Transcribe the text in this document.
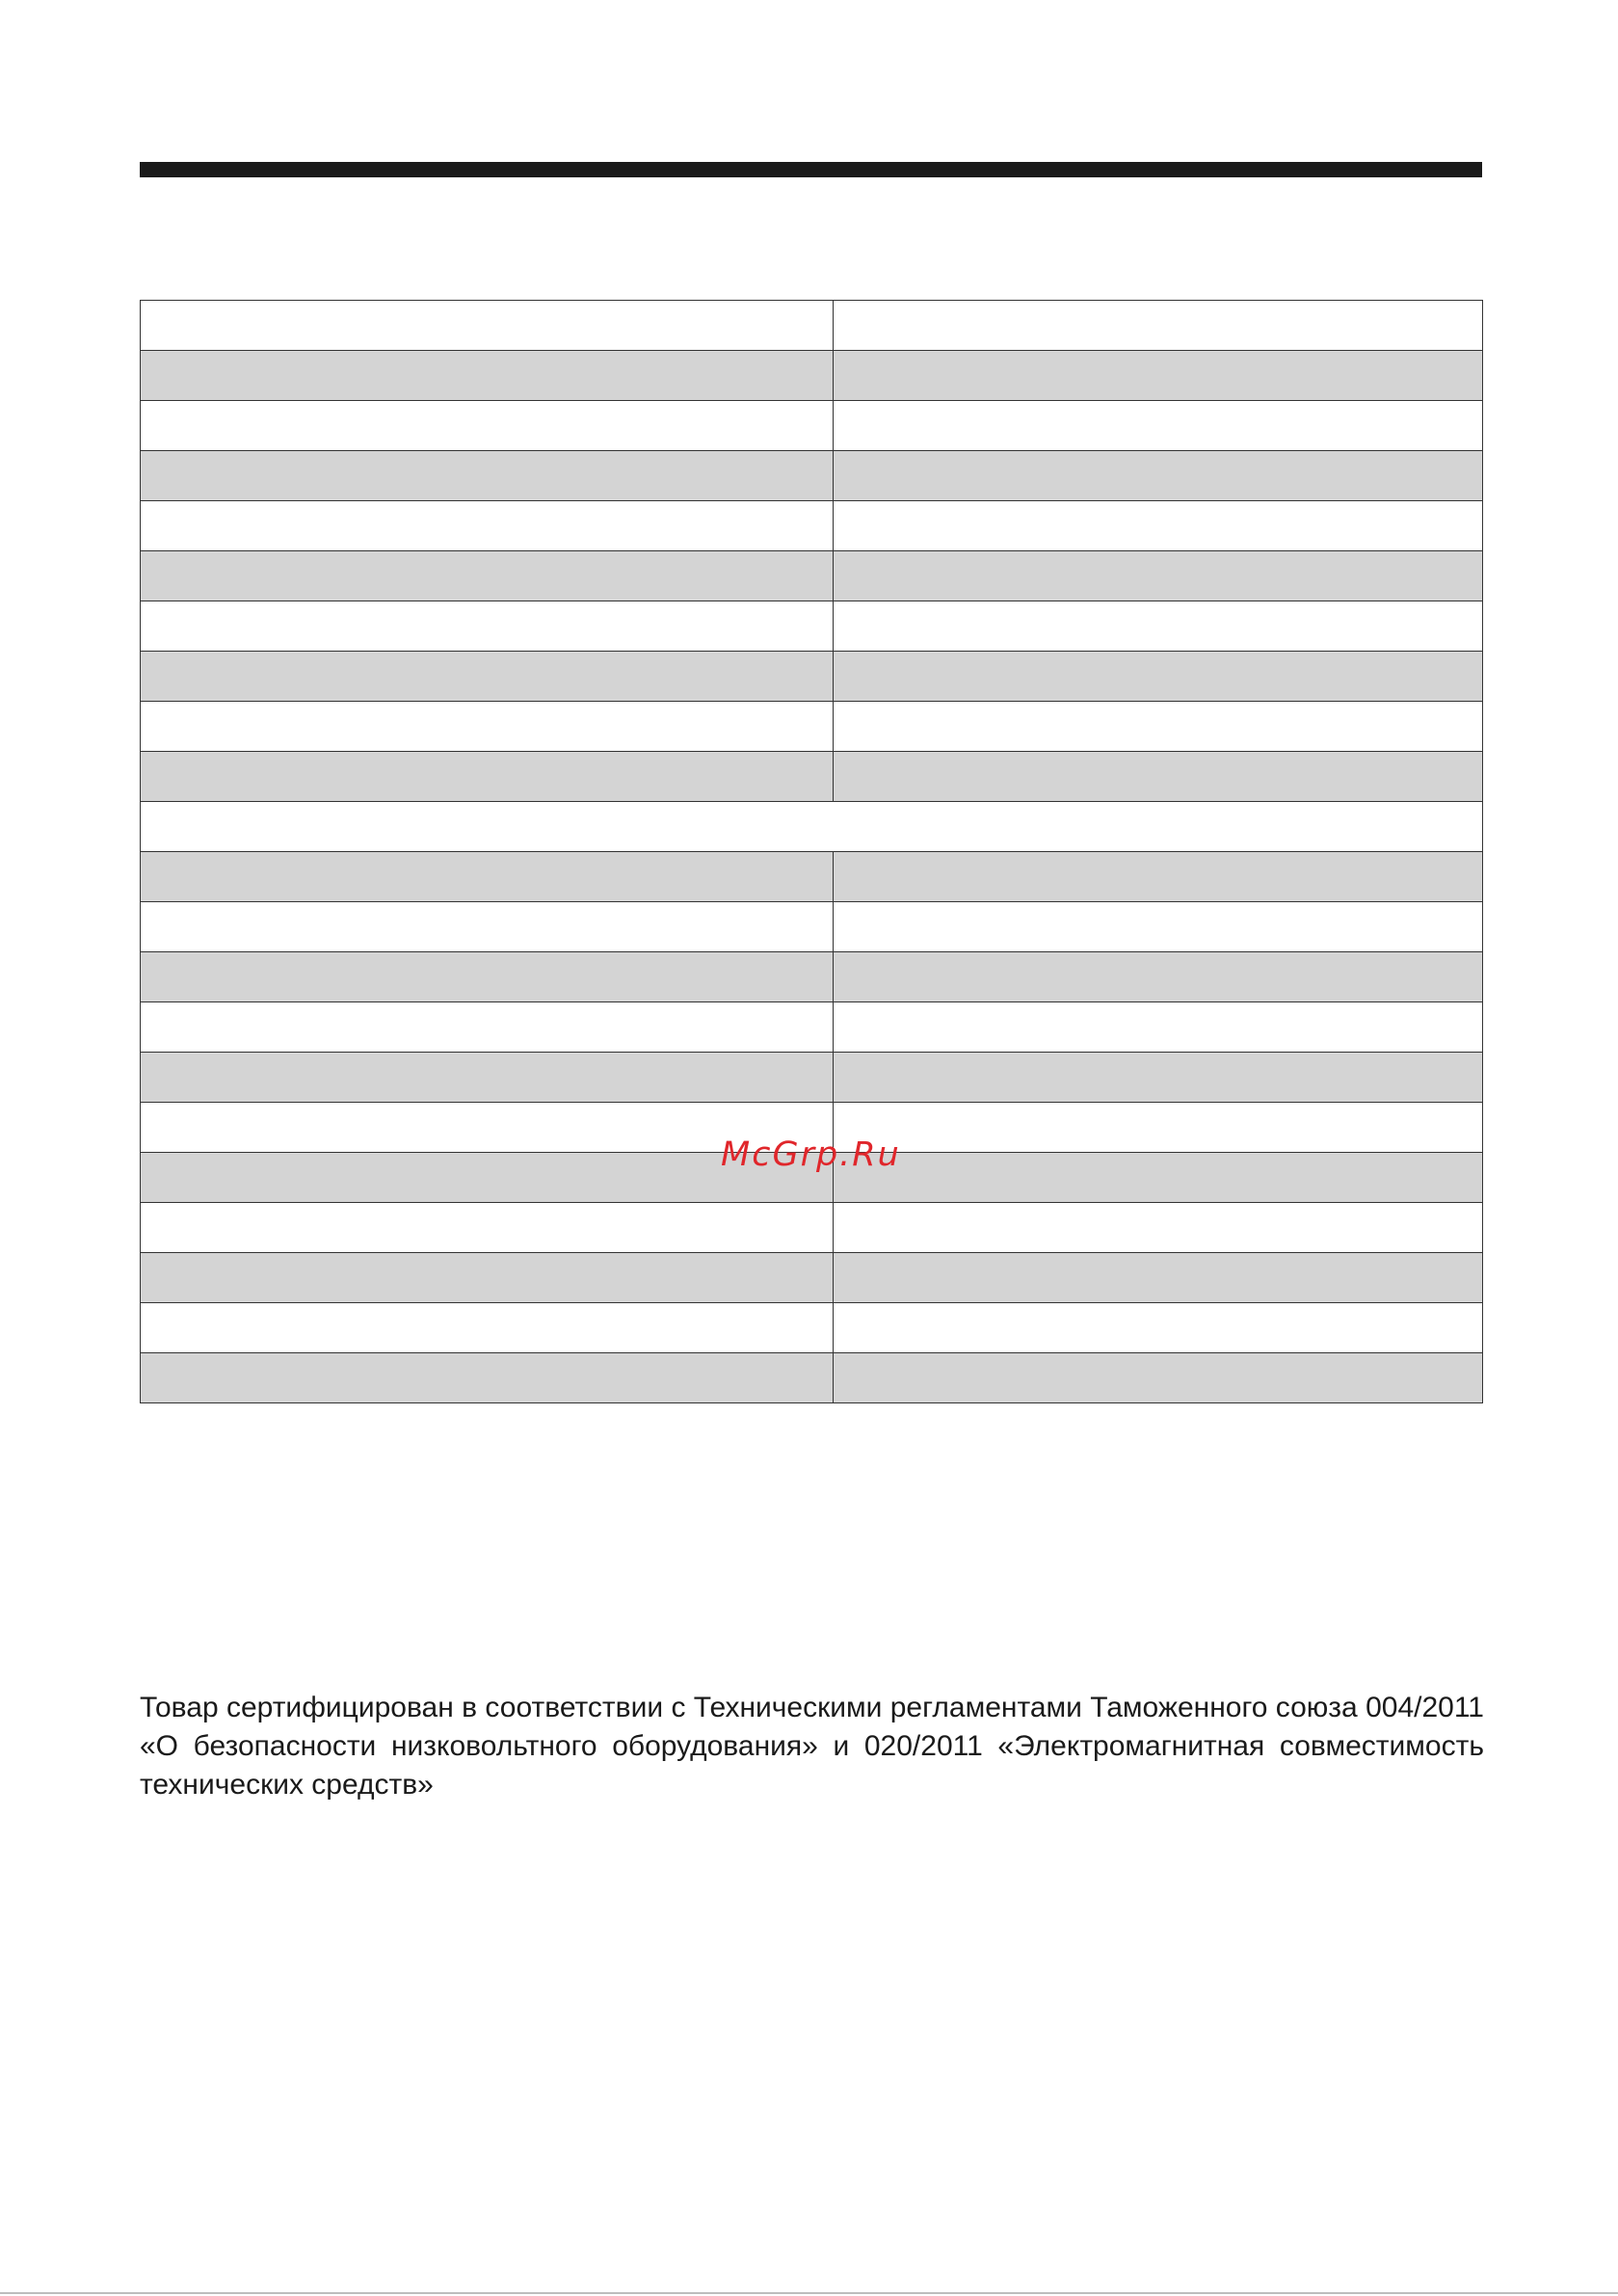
McGrp.Ru

Товар сертифицирован в соответствии с Техническими регламентами Таможенного союза 004/2011 «О безопасности низковольтного оборудования» и 020/2011 «Электромагнитная совместимость технических средств»
